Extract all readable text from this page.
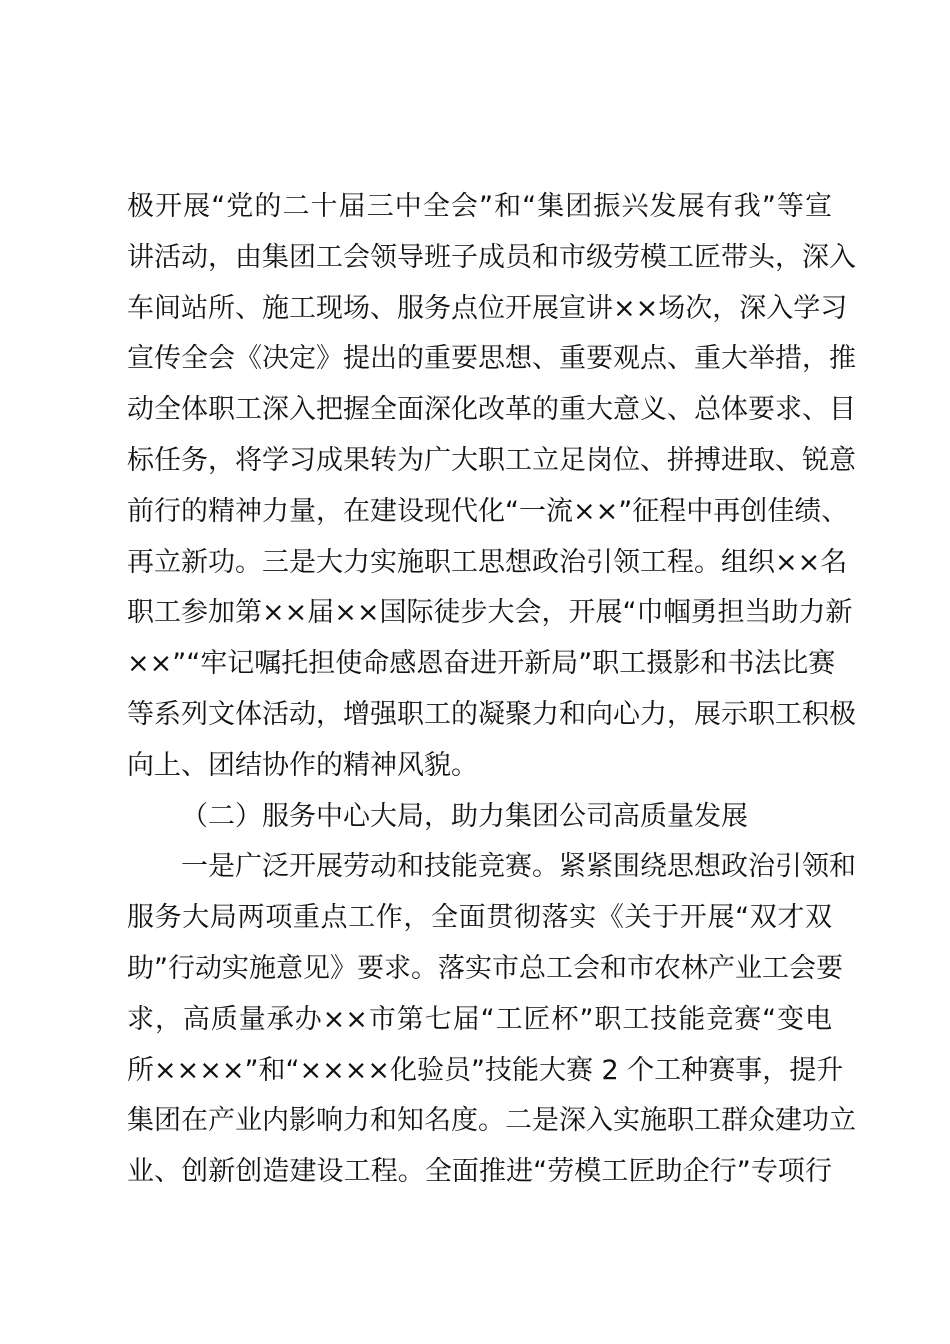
极开展“党的二十届三中全会”和“集团振兴发展有我”等宣
讲活动，由集团工会领导班子成员和市级劳模工匠带头，深入
车间站所、施工现场、服务点位开展宣讲××场次，深入学习
宣传全会《决定》提出的重要思想、重要观点、重大举措，推
动全体职工深入把握全面深化改革的重大意义、总体要求、目
标任务，将学习成果转为广大职工立足岗位、拼搏进取、锐意
前行的精神力量，在建设现代化“一流××”征程中再创佳绩、
再立新功。三是大力实施职工思想政治引领工程。组织××名
职工参加第××届××国际徒步大会，开展“巾帼勇担当助力新
××”“牢记嘱托担使命感恩奋进开新局”职工摄影和书法比赛
等系列文体活动，增强职工的凝聚力和向心力，展示职工积极
向上、团结协作的精神风貌。
（二）服务中心大局，助力集团公司高质量发展
一是广泛开展劳动和技能竞赛。紧紧围绕思想政治引领和
服务大局两项重点工作，全面贯彻落实《关于开展“双才双
助”行动实施意见》要求。落实市总工会和市农林产业工会要
求，高质量承办××市第七届“工匠杯”职工技能竞赛“变电
所××××”和“××××化验员”技能大赛 2 个工种赛事，提升
集团在产业内影响力和知名度。二是深入实施职工群众建功立
业、创新创造建设工程。全面推进“劳模工匠助企行”专项行
